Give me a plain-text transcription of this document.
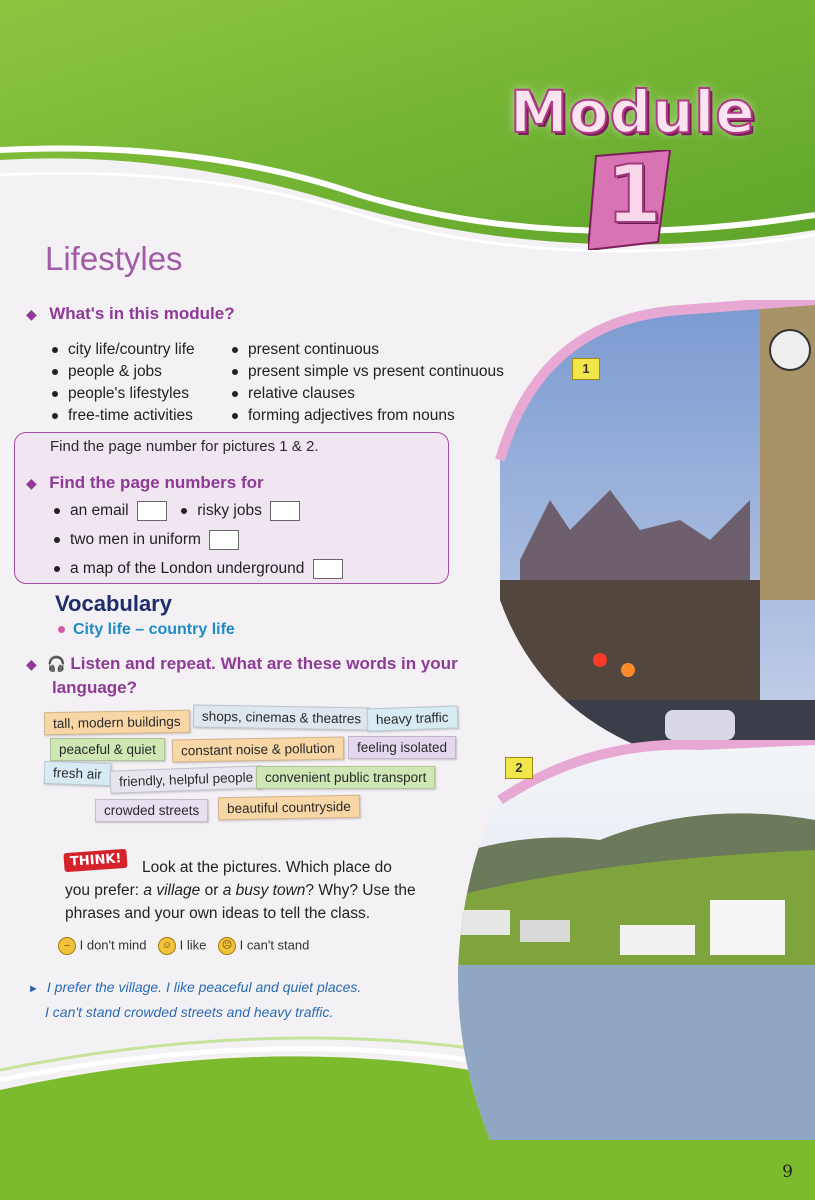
1
2
Module
1
Lifestyles
◆ What's in this module?
city life/country life
people & jobs
people's lifestyles
free-time activities
present continuous
present simple vs present continuous
relative clauses
forming adjectives from nouns
Find the page number for pictures 1 & 2.
◆ Find the page numbers for
an email	risky jobs
two men in uniform
a map of the London underground
Vocabulary
City life – country life
◆ 🎧 Listen and repeat. What are these words in your
language?
tall, modern buildings	shops, cinemas & theatres	heavy traffic
peaceful & quiet	constant noise & pollution	feeling isolated
fresh air	friendly, helpful people convenient public transport
crowded streets	beautiful countryside
THINK!	Look at the pictures. Which place do
you prefer: a village or a busy town? Why? Use the
phrases and your own ideas to tell the class.
– I don't mind ☺ I like ☹ I can't stand
► I prefer the village. I like peaceful and quiet places.
I can't stand crowded streets and heavy traffic.
9
